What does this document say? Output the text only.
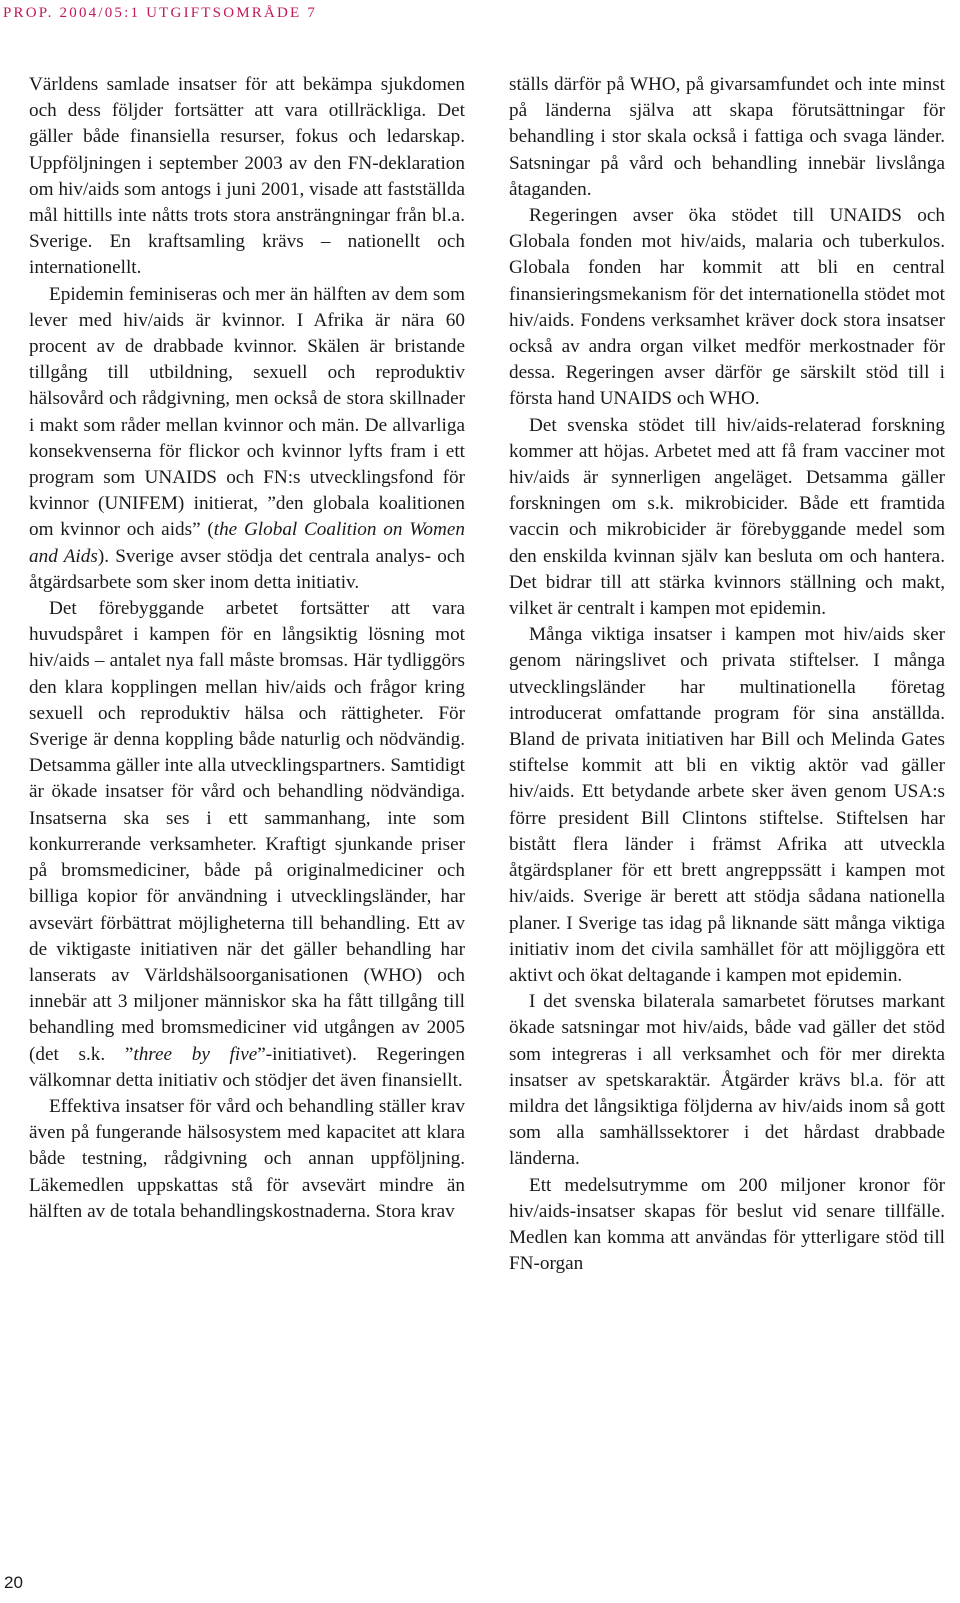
PROP. 2004/05:1 UTGIFTSOMRÅDE 7

Världens samlade insatser för att bekämpa sjukdomen och dess följder fortsätter att vara otillräckliga. Det gäller både finansiella resurser, fokus och ledarskap. Uppföljningen i september 2003 av den FN-deklaration om hiv/aids som antogs i juni 2001, visade att fastställda mål hittills inte nåtts trots stora ansträngningar från bl.a. Sverige. En kraftsamling krävs – nationellt och internationellt.

Epidemin feminiseras och mer än hälften av dem som lever med hiv/aids är kvinnor. I Afrika är nära 60 procent av de drabbade kvinnor. Skälen är bristande tillgång till utbildning, sexuell och reproduktiv hälsovård och rådgivning, men också de stora skillnader i makt som råder mellan kvinnor och män. De allvarliga konsekvenserna för flickor och kvinnor lyfts fram i ett program som UNAIDS och FN:s utvecklingsfond för kvinnor (UNIFEM) initierat, ”den globala koalitionen om kvinnor och aids” (the Global Coalition on Women and Aids). Sverige avser stödja det centrala analys- och åtgärdsarbete som sker inom detta initiativ.

Det förebyggande arbetet fortsätter att vara huvudspåret i kampen för en långsiktig lösning mot hiv/aids – antalet nya fall måste bromsas. Här tydliggörs den klara kopplingen mellan hiv/aids och frågor kring sexuell och reproduktiv hälsa och rättigheter. För Sverige är denna koppling både naturlig och nödvändig. Detsamma gäller inte alla utvecklingspartners. Samtidigt är ökade insatser för vård och behandling nödvändiga. Insatserna ska ses i ett sammanhang, inte som konkurrerande verksamheter. Kraftigt sjunkande priser på bromsmediciner, både på originalmediciner och billiga kopior för användning i utvecklingsländer, har avsevärt förbättrat möjligheterna till behandling. Ett av de viktigaste initiativen när det gäller behandling har lanserats av Världshälsoorganisationen (WHO) och innebär att 3 miljoner människor ska ha fått tillgång till behandling med bromsmediciner vid utgången av 2005 (det s.k. ”three by five”-initiativet). Regeringen välkomnar detta initiativ och stödjer det även finansiellt.

Effektiva insatser för vård och behandling ställer krav även på fungerande hälsosystem med kapacitet att klara både testning, rådgivning och annan uppföljning. Läkemedlen uppskattas stå för avsevärt mindre än hälften av de totala behandlingskostnaderna. Stora krav

ställs därför på WHO, på givarsamfundet och inte minst på länderna själva att skapa förutsättningar för behandling i stor skala också i fattiga och svaga länder. Satsningar på vård och behandling innebär livslånga åtaganden.

Regeringen avser öka stödet till UNAIDS och Globala fonden mot hiv/aids, malaria och tuberkulos. Globala fonden har kommit att bli en central finansieringsmekanism för det internationella stödet mot hiv/aids. Fondens verksamhet kräver dock stora insatser också av andra organ vilket medför merkostnader för dessa. Regeringen avser därför ge särskilt stöd till i första hand UNAIDS och WHO.

Det svenska stödet till hiv/aids-relaterad forskning kommer att höjas. Arbetet med att få fram vacciner mot hiv/aids är synnerligen angeläget. Detsamma gäller forskningen om s.k. mikrobicider. Både ett framtida vaccin och mikrobicider är förebyggande medel som den enskilda kvinnan själv kan besluta om och hantera. Det bidrar till att stärka kvinnors ställning och makt, vilket är centralt i kampen mot epidemin.

Många viktiga insatser i kampen mot hiv/aids sker genom näringslivet och privata stiftelser. I många utvecklingsländer har multinationella företag introducerat omfattande program för sina anställda. Bland de privata initiativen har Bill och Melinda Gates stiftelse kommit att bli en viktig aktör vad gäller hiv/aids. Ett betydande arbete sker även genom USA:s förre president Bill Clintons stiftelse. Stiftelsen har bistått flera länder i främst Afrika att utveckla åtgärdsplaner för ett brett angreppssätt i kampen mot hiv/aids. Sverige är berett att stödja sådana nationella planer. I Sverige tas idag på liknande sätt många viktiga initiativ inom det civila samhället för att möjliggöra ett aktivt och ökat deltagande i kampen mot epidemin.

I det svenska bilaterala samarbetet förutses markant ökade satsningar mot hiv/aids, både vad gäller det stöd som integreras i all verksamhet och för mer direkta insatser av spetskaraktär. Åtgärder krävs bl.a. för att mildra det långsiktiga följderna av hiv/aids inom så gott som alla samhällssektorer i det hårdast drabbade länderna.

Ett medelsutrymme om 200 miljoner kronor för hiv/aids-insatser skapas för beslut vid senare tillfälle. Medlen kan komma att användas för ytterligare stöd till FN-organ

20
